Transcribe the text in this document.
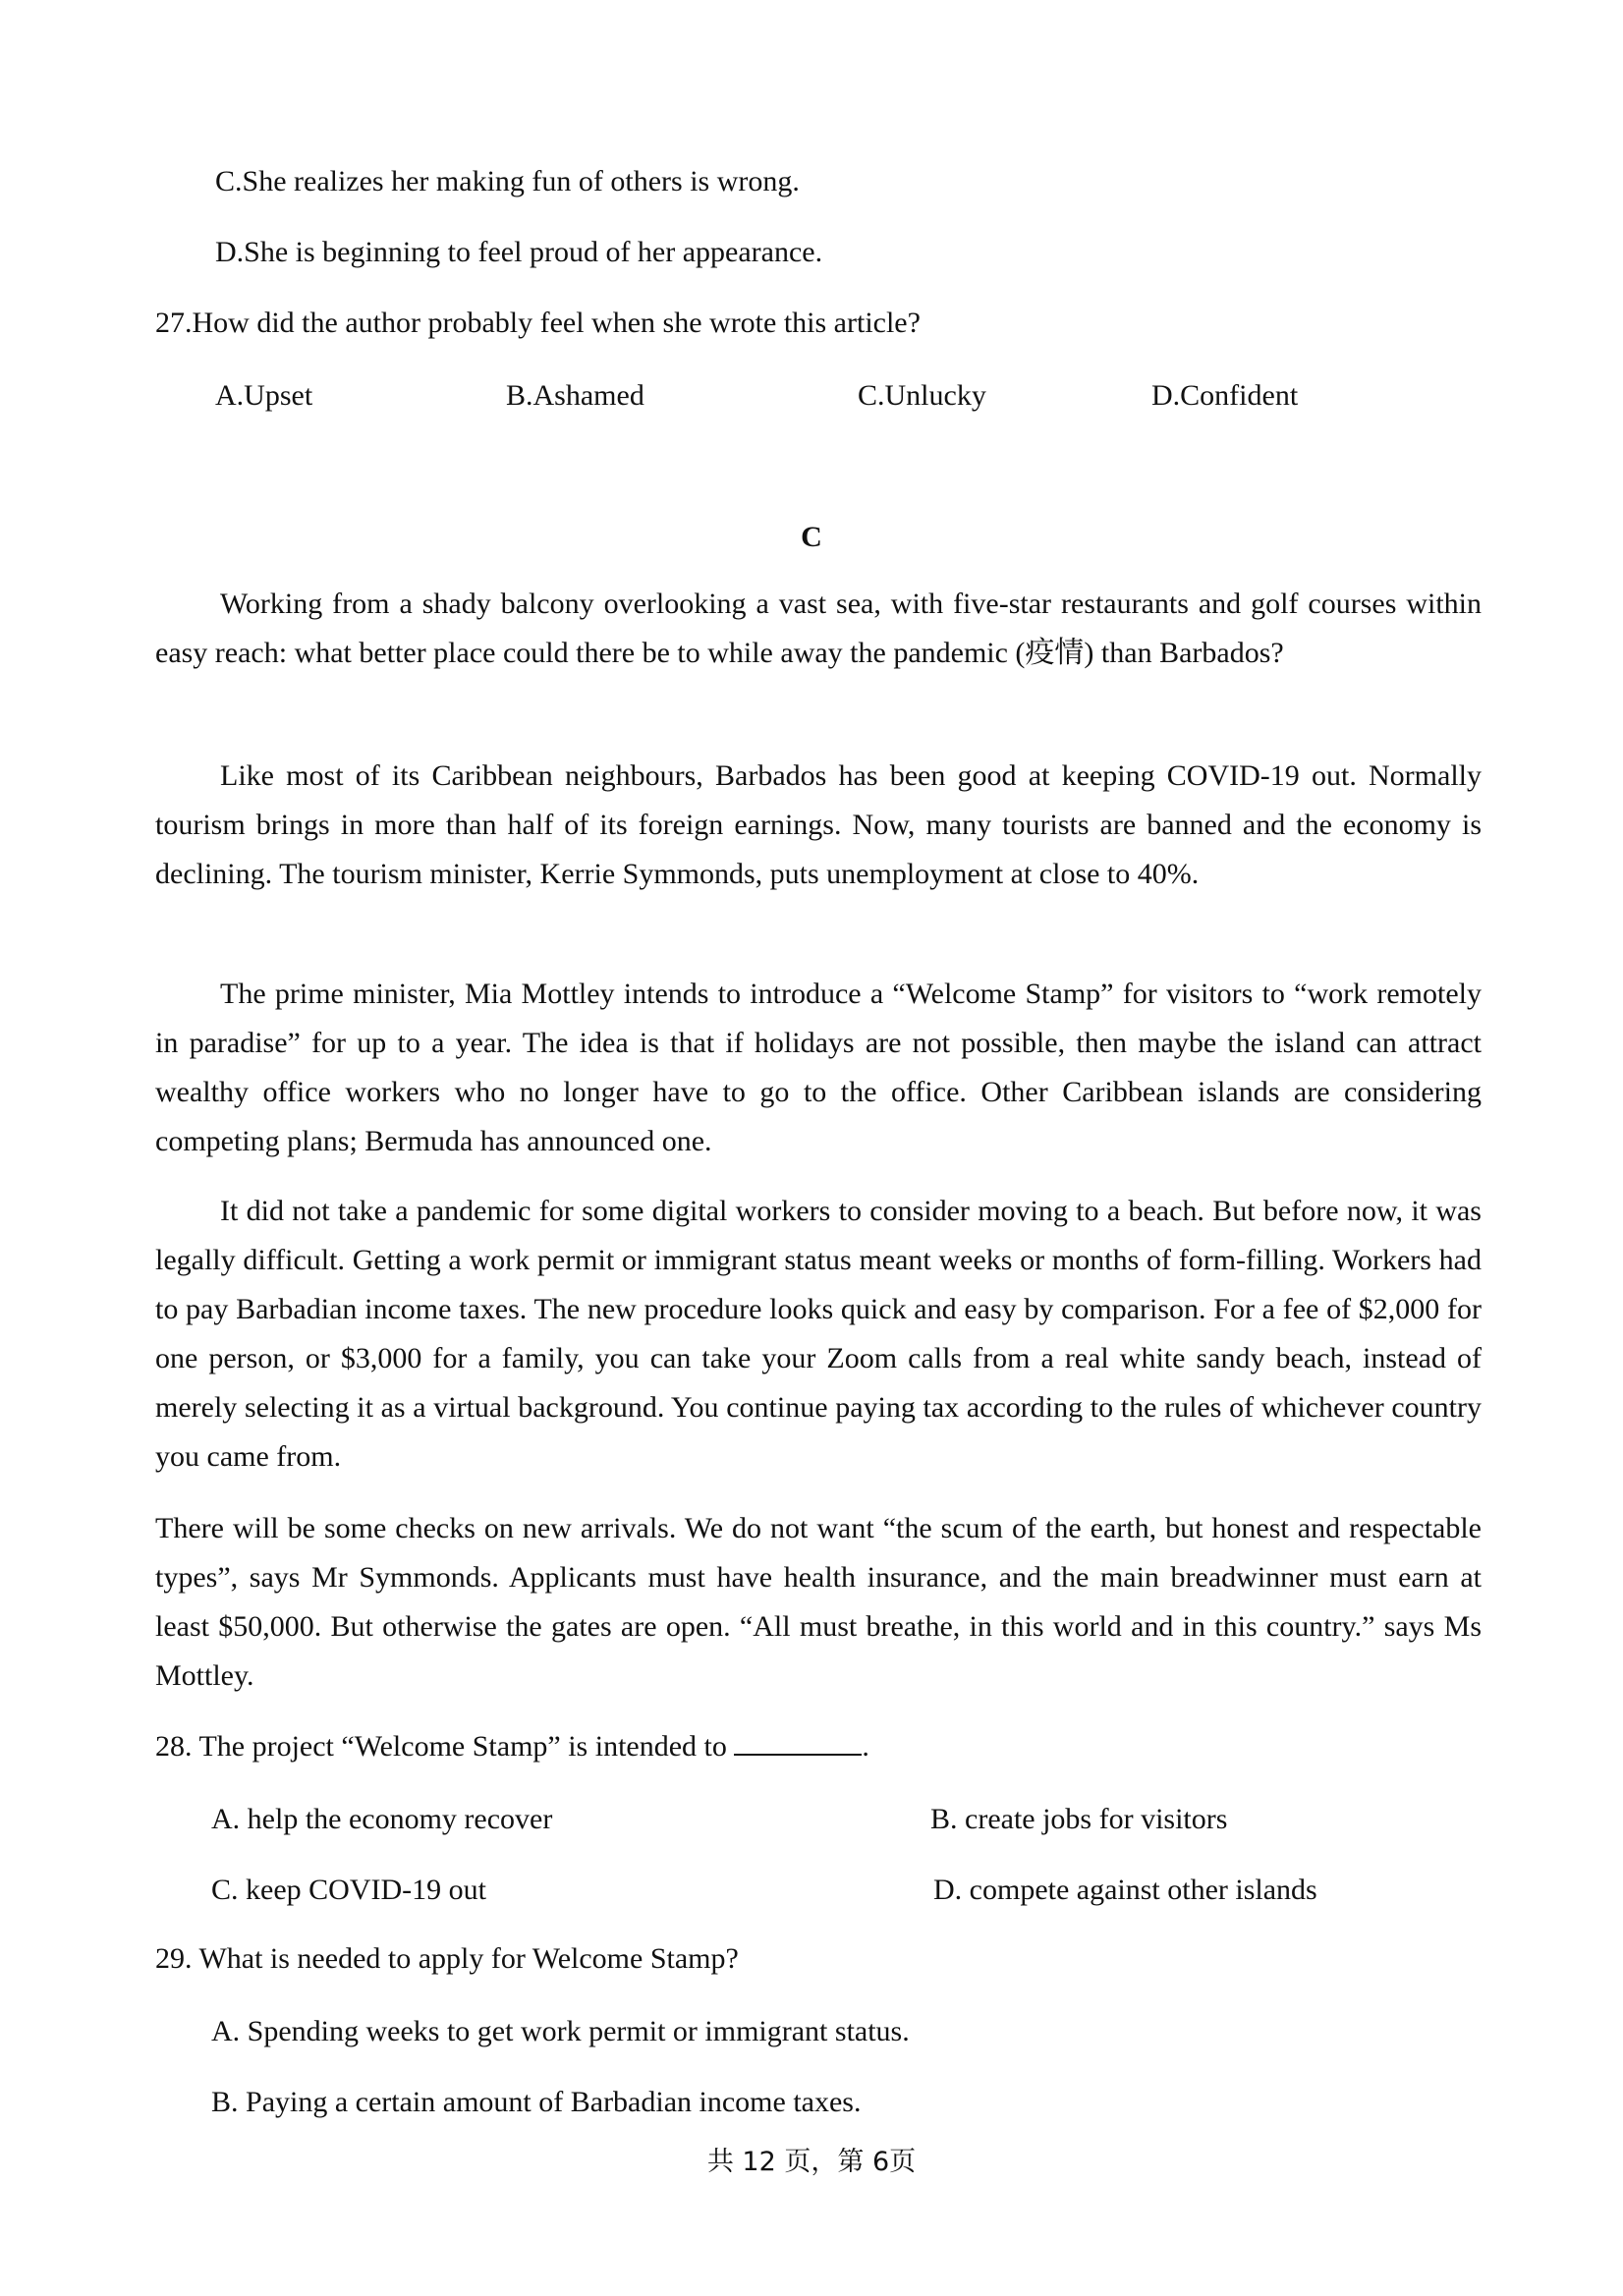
C.She realizes her making fun of others is wrong.
D.She is beginning to feel proud of her appearance.
27.How did the author probably feel when she wrote this article?
A.Upset	B.Ashamed	C.Unlucky	D.Confident
C

Working from a shady balcony overlooking a vast sea, with five-star restaurants and golf courses within easy reach: what better place could there be to while away the pandemic (疫情) than Barbados?

Like most of its Caribbean neighbours, Barbados has been good at keeping COVID-19 out. Normally tourism brings in more than half of its foreign earnings. Now, many tourists are banned and the economy is declining. The tourism minister, Kerrie Symmonds, puts unemployment at close to 40%.

The prime minister, Mia Mottley intends to introduce a “Welcome Stamp” for visitors to “work remotely in paradise” for up to a year. The idea is that if holidays are not possible, then maybe the island can attract wealthy office workers who no longer have to go to the office. Other Caribbean islands are considering competing plans; Bermuda has announced one.

It did not take a pandemic for some digital workers to consider moving to a beach. But before now, it was legally difficult. Getting a work permit or immigrant status meant weeks or months of form-filling. Workers had to pay Barbadian income taxes. The new procedure looks quick and easy by comparison. For a fee of $2,000 for one person, or $3,000 for a family, you can take your Zoom calls from a real white sandy beach, instead of merely selecting it as a virtual background. You continue paying tax according to the rules of whichever country you came from.

There will be some checks on new arrivals. We do not want “the scum of the earth, but honest and respectable types”, says Mr Symmonds. Applicants must have health insurance, and the main breadwinner must earn at least $50,000. But otherwise the gates are open. “All must breathe, in this world and in this country.” says Ms Mottley.

28. The project “Welcome Stamp” is intended to	.
A. help the economy recover	B. create jobs for visitors
C. keep COVID-19 out	D. compete against other islands
29. What is needed to apply for Welcome Stamp?
A. Spending weeks to get work permit or immigrant status.
B. Paying a certain amount of Barbadian income taxes.
共 12 页，第 6页
